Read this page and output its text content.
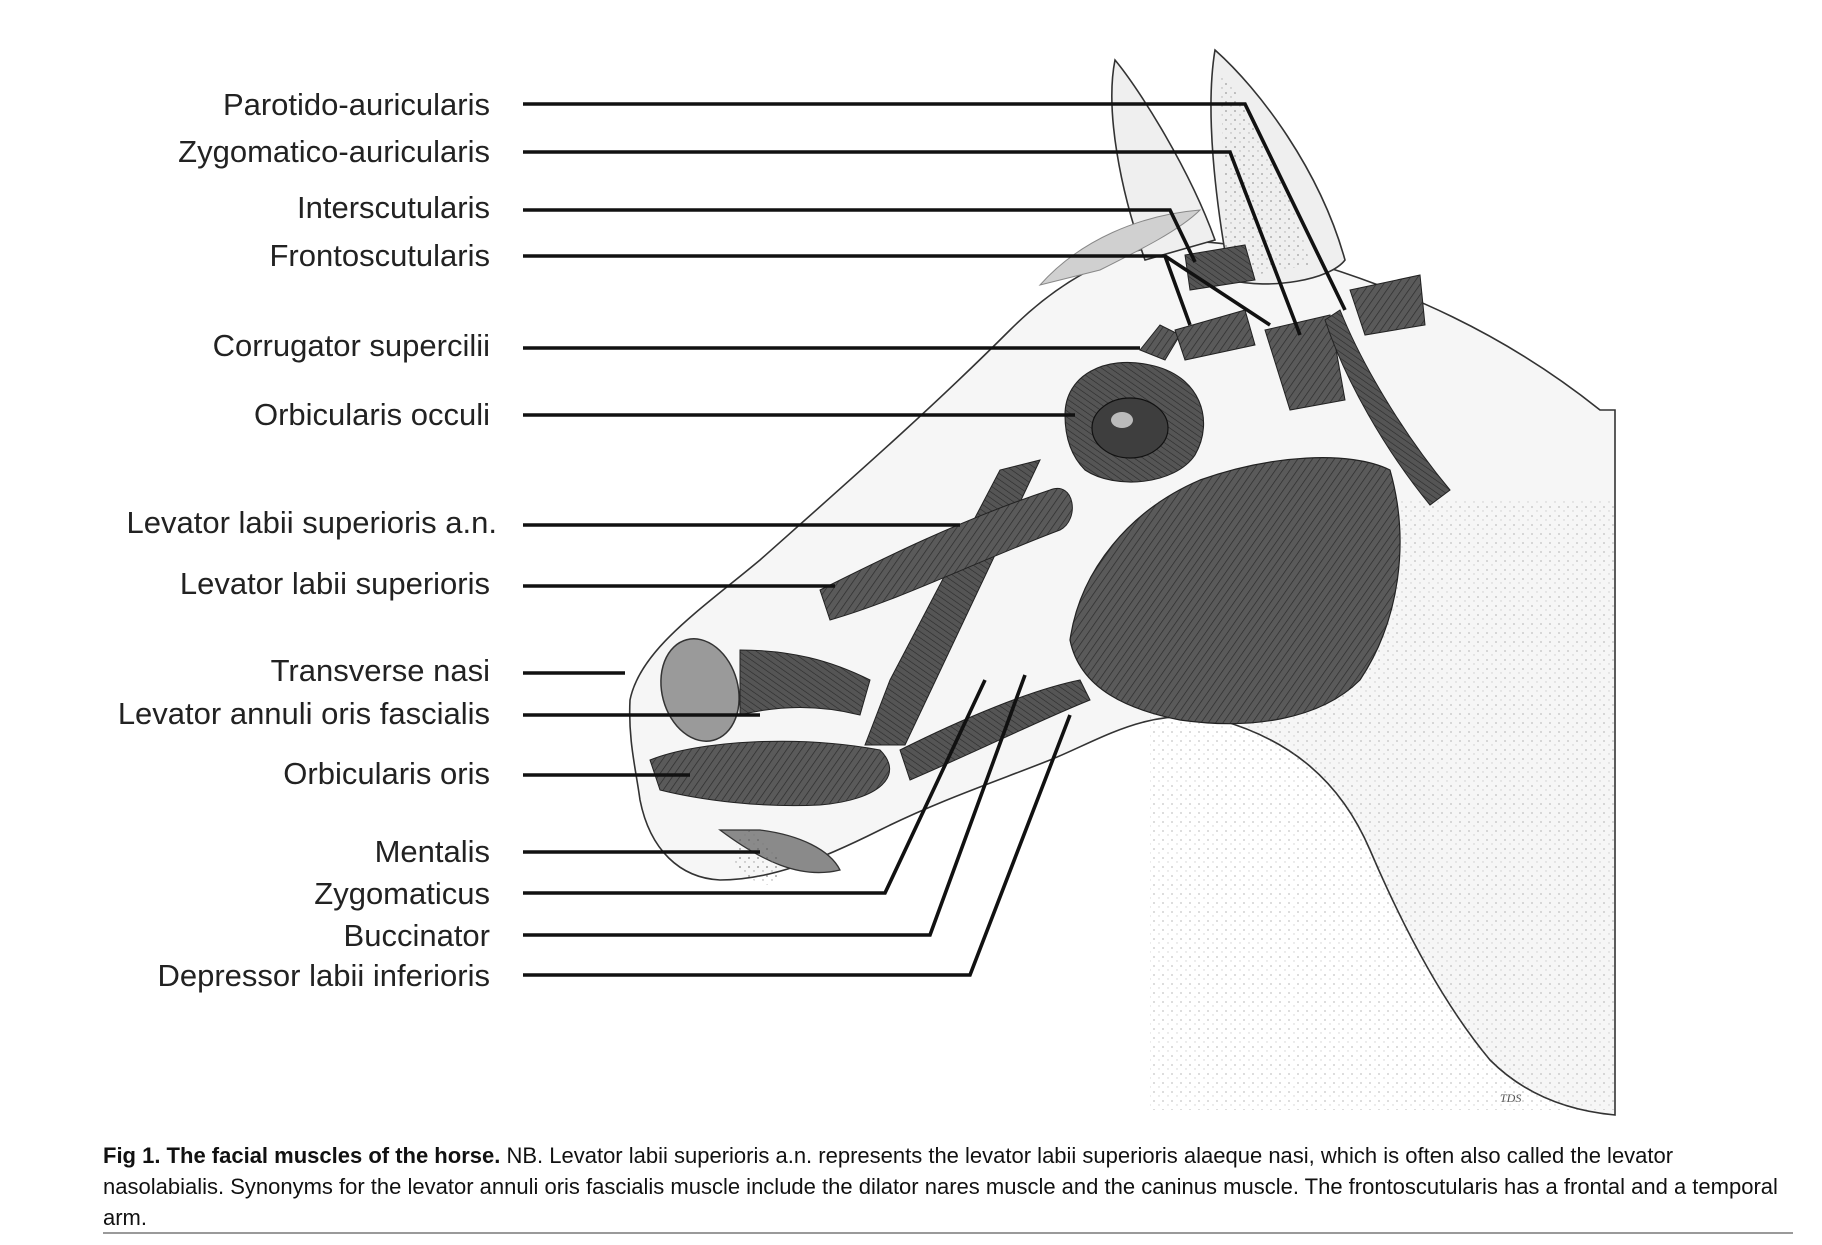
Parotido-auricularis
Zygomatico-auricularis
Interscutularis
Frontoscutularis
Corrugator supercilii
Orbicularis occuli
Levator labii superioris a.n.
Levator labii superioris
Transverse nasi
Levator annuli oris fascialis
Orbicularis oris
Mentalis
Zygomaticus
Buccinator
Depressor labii inferioris
TDS
Fig 1. The facial muscles of the horse. NB. Levator labii superioris a.n. represents the levator labii superioris alaeque nasi, which is often also called the levator nasolabialis. Synonyms for the levator annuli oris fascialis muscle include the dilator nares muscle and the caninus muscle. The frontoscutularis has a frontal and a temporal arm.
